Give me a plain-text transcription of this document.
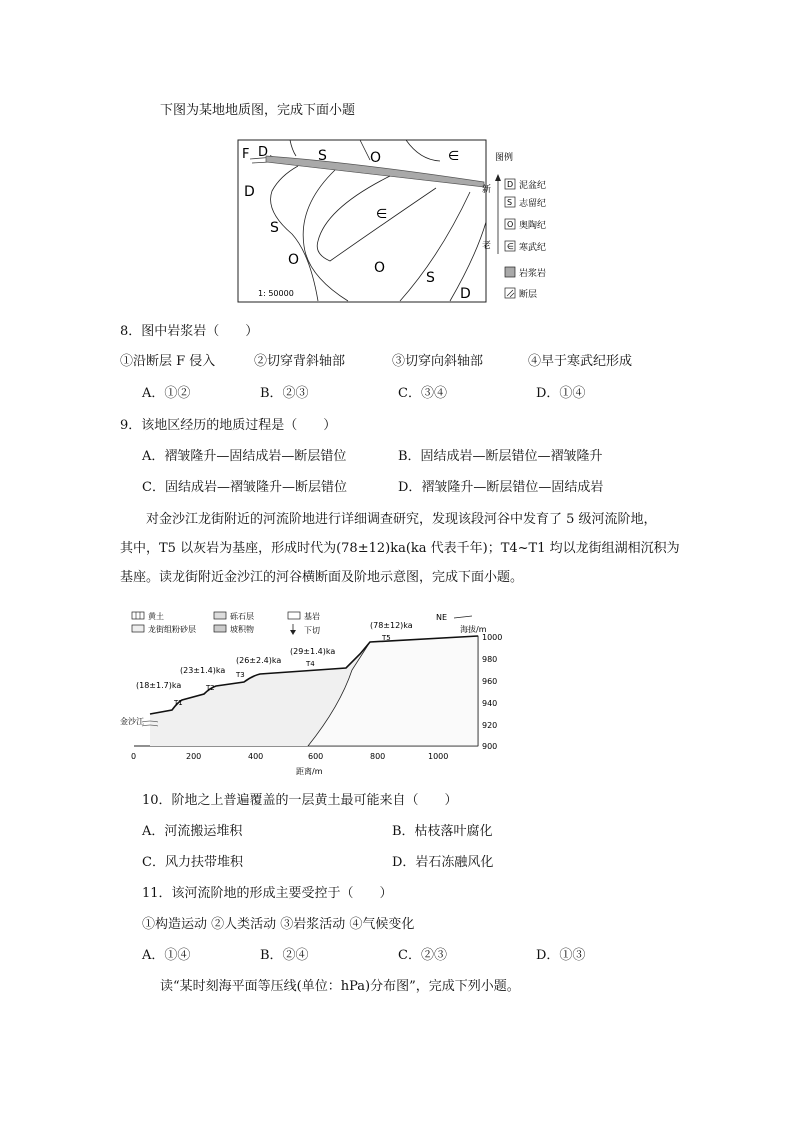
下图为某地地质图，完成下面小题
F D	S	O	∈
D
S
∈
O	O
S
D
1: 50000
图例
新
老
D 泥盆纪
S 志留纪
O 奥陶纪
∈ 寒武纪
岩浆岩
断层
8．图中岩浆岩（　　）
①沿断层 F 侵入	②切穿背斜轴部	③切穿向斜轴部	④早于寒武纪形成
A．①②	B．②③	C．③④	D．①④
9．该地区经历的地质过程是（　　）
A．褶皱隆升—固结成岩—断层错位	B．固结成岩—断层错位—褶皱隆升
C．固结成岩—褶皱隆升—断层错位	D．褶皱隆升—断层错位—固结成岩
对金沙江龙街附近的河流阶地进行详细调查研究，发现该段河谷中发育了 5 级河流阶地，
其中，T5 以灰岩为基座，形成时代为(78±12)ka(ka 代表千年)；T4~T1 均以龙街组湖相沉积为
基座。读龙街附近金沙江的河谷横断面及阶地示意图，完成下面小题。
黄土	砾石层	基岩
龙街组粉砂层	坡积物	下切
(18±1.7)ka
T1
(23±1.4)ka
T2
(26±2.4)ka
T3
(29±1.4)ka
T4
(78±12)ka
T5
NE
海拔/m
金沙江
1000
980
960
940
920
900
0	200	400	600	800	1000
距离/m
10．阶地之上普遍覆盖的一层黄土最可能来自（　　）
A．河流搬运堆积	B．枯枝落叶腐化
C．风力扶带堆积	D．岩石冻融风化
11．该河流阶地的形成主要受控于（　　）
①构造运动 ②人类活动 ③岩浆活动 ④气候变化
A．①④	B．②④	C．②③	D．①③
读“某时刻海平面等压线(单位：hPa)分布图”，完成下列小题。
